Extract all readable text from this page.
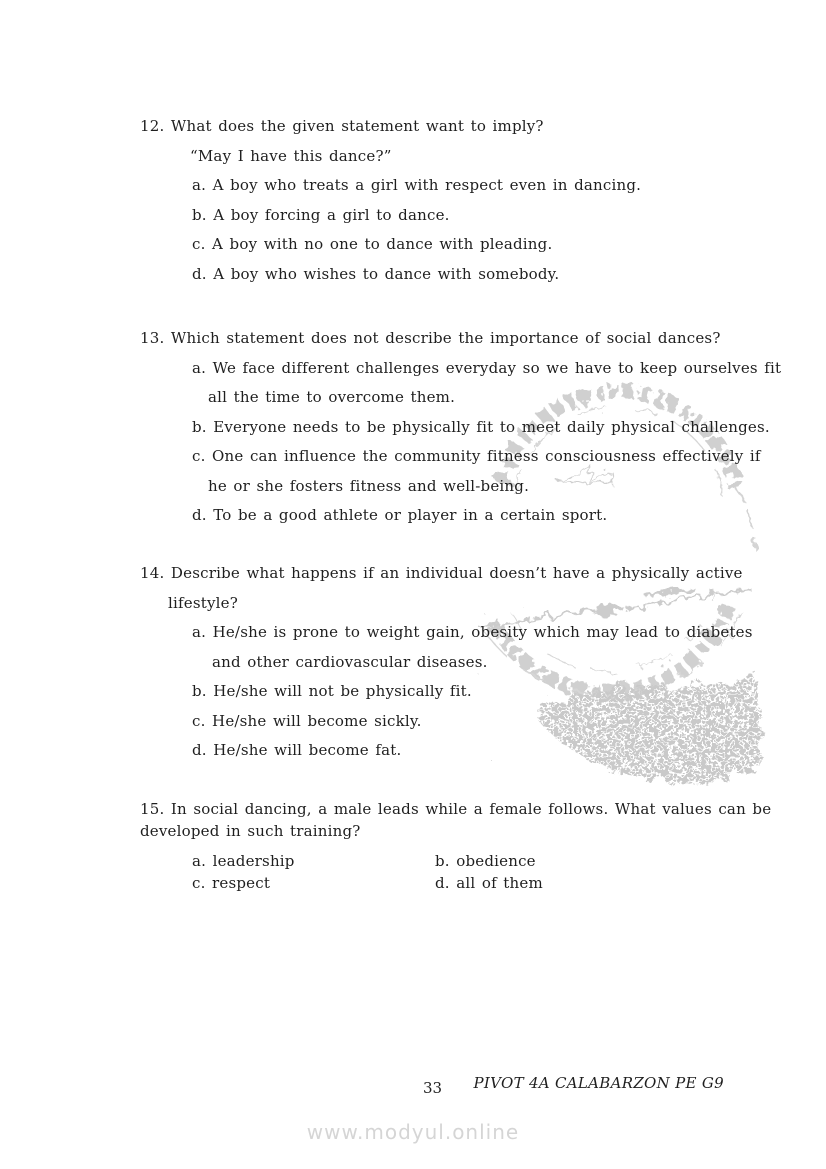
12. What does the given statement want to imply?
“May I have this dance?”
a. A boy who treats a girl with respect even in dancing.
b. A boy forcing a girl to dance.
c. A boy with no one to dance with pleading.
d. A boy who wishes to dance with somebody.
13. Which statement does not describe the importance of social dances?
a. We face different challenges everyday so we have to keep ourselves fit
all the time to overcome them.
b. Everyone needs to be physically fit to meet daily physical challenges.
c. One can influence the community fitness consciousness effectively if
he or she fosters fitness and well-being.
d. To be a good athlete or player in a certain sport.
14. Describe what happens if an individual doesn’t have a physically active
lifestyle?
a. He/she is prone to weight gain, obesity which may lead to diabetes
and other cardiovascular diseases.
b. He/she will not be physically fit.
c. He/she will become sickly.
d. He/she will become fat.
15. In social dancing, a male leads while a female follows. What values can be
developed in such training?
a. leadership	b. obedience
c. respect	d. all of them
33	PIVOT 4A CALABARZON PE G9
www.modyul.online
